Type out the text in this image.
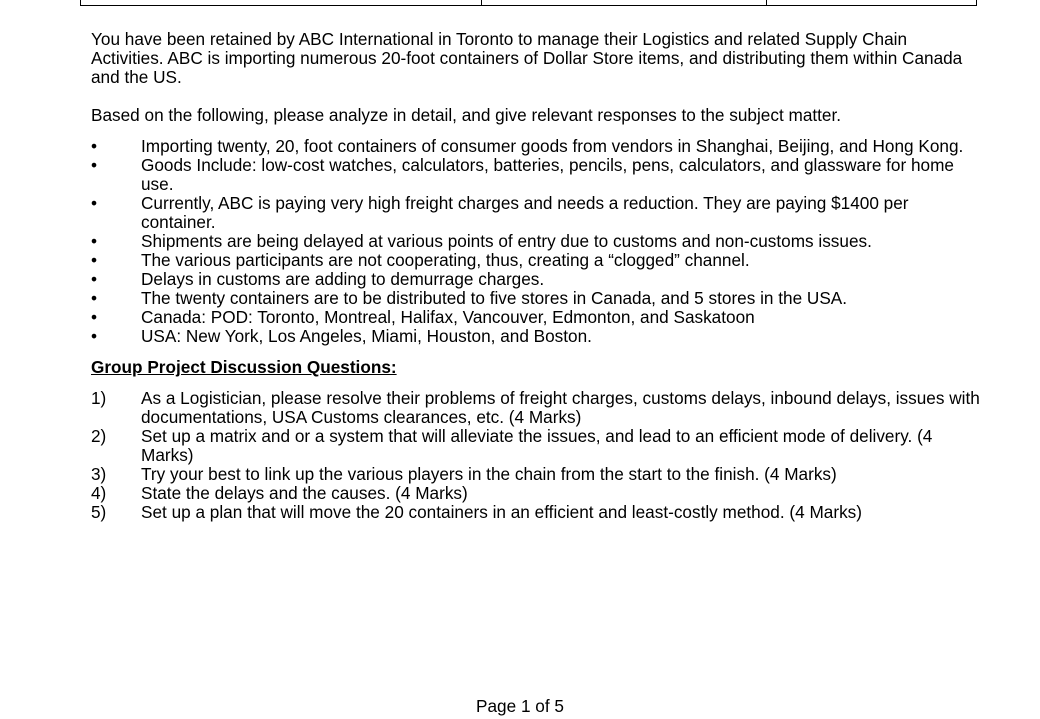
You have been retained by ABC International in Toronto to manage their Logistics and related Supply Chain Activities. ABC is importing numerous 20-foot containers of Dollar Store items, and distributing them within Canada and the US.

Based on the following, please analyze in detail, and give relevant responses to the subject matter.

•	Importing twenty, 20, foot containers of consumer goods from vendors in Shanghai, Beijing, and Hong Kong.
•	Goods Include: low-cost watches, calculators, batteries, pencils, pens, calculators, and glassware for home use.
•	Currently, ABC is paying very high freight charges and needs a reduction. They are paying $1400 per container.
•	Shipments are being delayed at various points of entry due to customs and non-customs issues.
•	The various participants are not cooperating, thus, creating a “clogged” channel.
•	Delays in customs are adding to demurrage charges.
•	The twenty containers are to be distributed to five stores in Canada, and 5 stores in the USA.
•	Canada: POD: Toronto, Montreal, Halifax, Vancouver, Edmonton, and Saskatoon
•	USA: New York, Los Angeles, Miami, Houston, and Boston.

Group Project Discussion Questions:

1) As a Logistician, please resolve their problems of freight charges, customs delays, inbound delays, issues with documentations, USA Customs clearances, etc. (4 Marks)
2) Set up a matrix and or a system that will alleviate the issues, and lead to an efficient mode of delivery. (4 Marks)
3) Try your best to link up the various players in the chain from the start to the finish. (4 Marks)
4) State the delays and the causes. (4 Marks)
5) Set up a plan that will move the 20 containers in an efficient and least-costly method. (4 Marks)
Page 1 of 5
